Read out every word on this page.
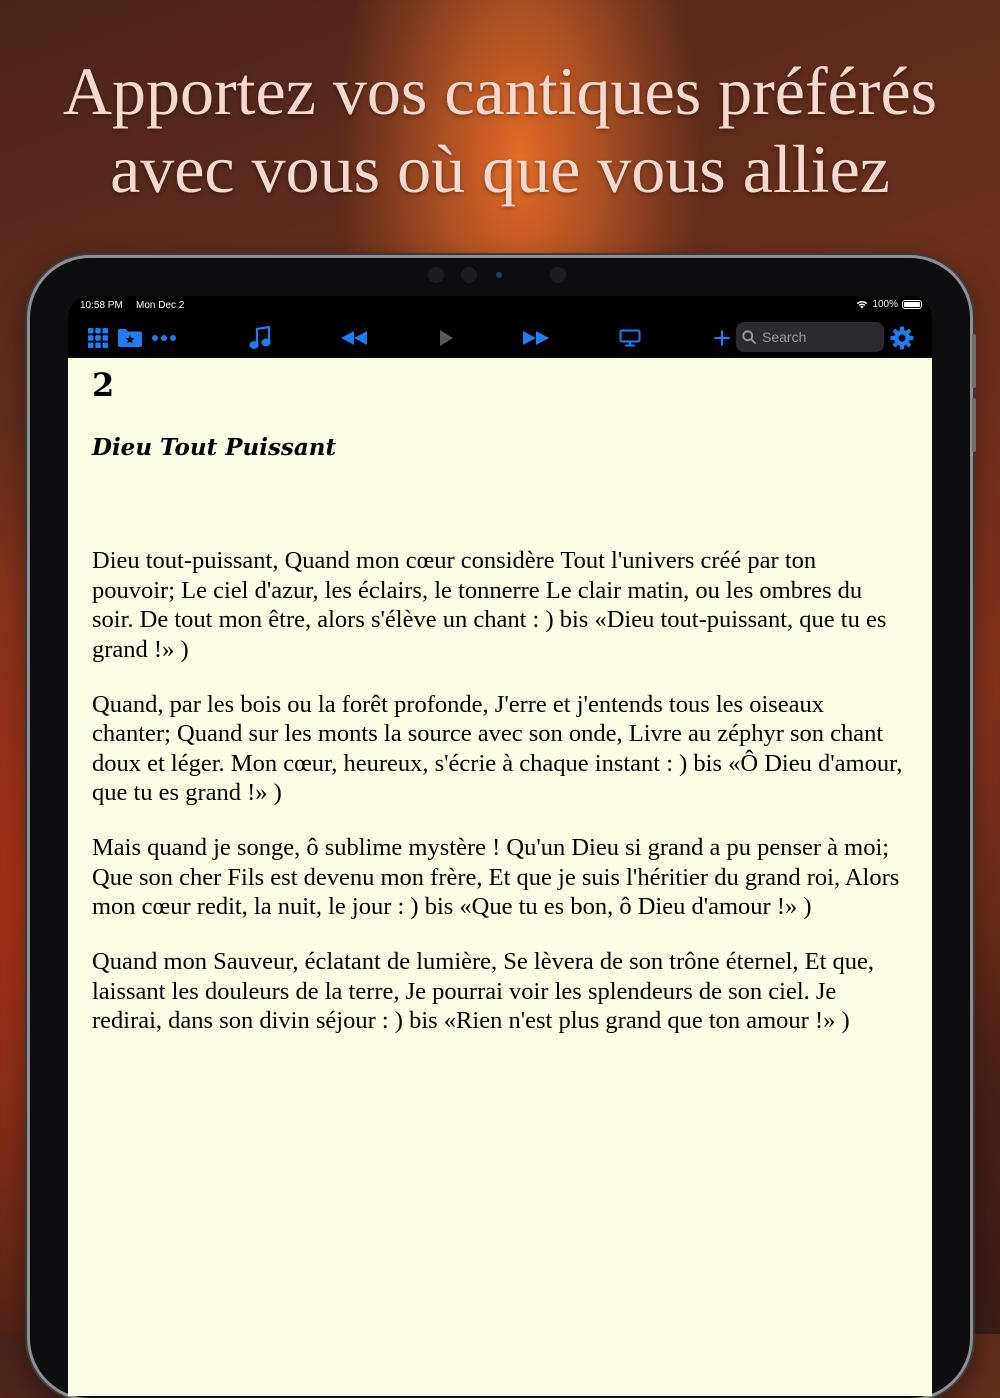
Apportez vos cantiques préférés
avec vous où que vous alliez
10:58 PM Mon Dec 2	100%
Search
2
Dieu Tout Puissant

Dieu tout-puissant, Quand mon cœur considère Tout l'univers créé par ton pouvoir; Le ciel d'azur, les éclairs, le tonnerre Le clair matin, ou les ombres du soir. De tout mon être, alors s'élève un chant : ) bis «Dieu tout-puissant, que tu es grand !» )

Quand, par les bois ou la forêt profonde, J'erre et j'entends tous les oiseaux chanter; Quand sur les monts la source avec son onde, Livre au zéphyr son chant doux et léger. Mon cœur, heureux, s'écrie à chaque instant : ) bis «Ô Dieu d'amour, que tu es grand !» )

Mais quand je songe, ô sublime mystère ! Qu'un Dieu si grand a pu penser à moi; Que son cher Fils est devenu mon frère, Et que je suis l'héritier du grand roi, Alors mon cœur redit, la nuit, le jour : ) bis «Que tu es bon, ô Dieu d'amour !» )

Quand mon Sauveur, éclatant de lumière, Se lèvera de son trône éternel, Et que, laissant les douleurs de la terre, Je pourrai voir les splendeurs de son ciel. Je redirai, dans son divin séjour : ) bis «Rien n'est plus grand que ton amour !» )
